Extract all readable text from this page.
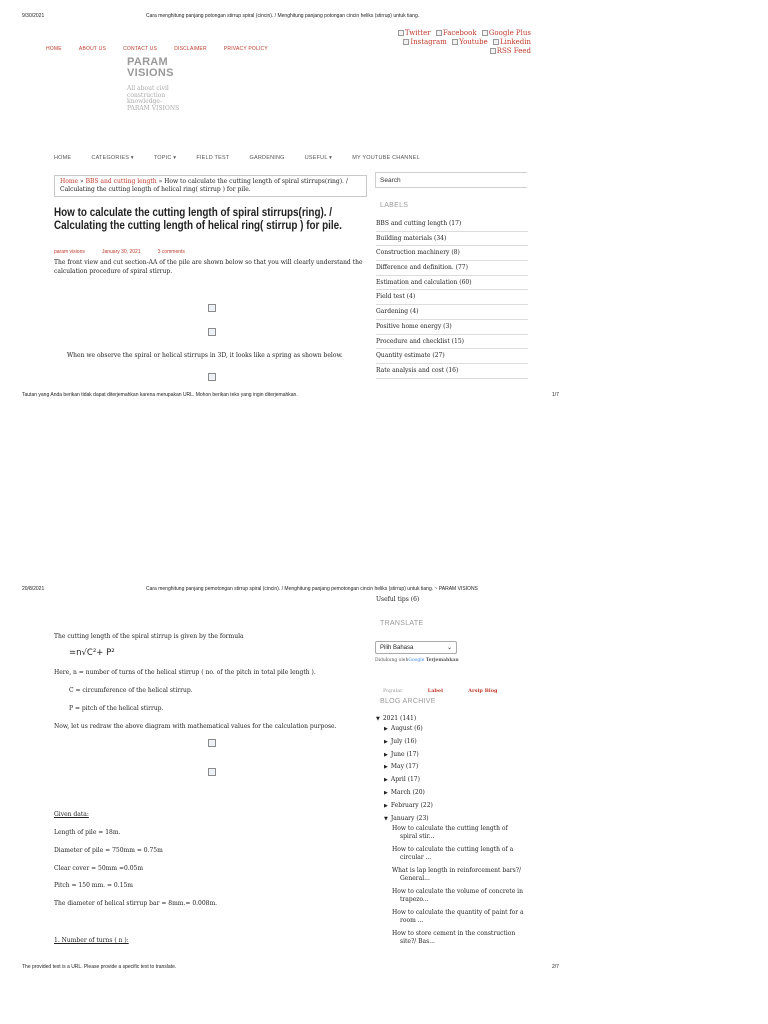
9/30/2021	Cara menghitung panjang potongan stirrup spiral (cincin). / Menghitung panjang potongan cincin heliks (stirrup) untuk tiang.
HOME	ABOUT US	CONTACT US	DISCLAIMER	PRIVACY POLICY
Twitter Facebook Google Plus
Instagram Youtube Linkedin
RSS Feed
PARAM
VISIONS
All about civil
construction
knowledge-
PARAM VISIONS
HOME	CATEGORIES ▾	TOPIC ▾	FIELD TEST	GARDENING	USEFUL ▾	MY YOUTUBE CHANNEL
Home » BBS and cutting length » How to calculate the cutting length of spiral stirrups(ring). / Calculating the cutting length of helical ring( stirrup ) for pile.
How to calculate the cutting length of spiral stirrups(ring). / Calculating the cutting length of helical ring( stirrup ) for pile.
param visions	January 30, 2021	3 comments
The front view and cut section-AA of the pile are shown below so that you will clearly understand the calculation procedure of spiral stirrup.
When we observe the spiral or helical stirrups in 3D, it looks like a spring as shown below.
Search
LABELS
BBS and cutting length (17)
Building materials (34)
Construction machinery (8)
Difference and definition. (77)
Estimation and calculation (60)
Field test (4)
Gardening (4)
Positive home energy (3)
Procedure and checklist (15)
Quantity estimate (27)
Rate analysis and cost (16)
Tautan yang Anda berikan tidak dapat diterjemahkan karena merupakan URL. Mohon berikan teks yang ingin diterjemahkan.	1/7
20/8/2021	Cara menghitung panjang pemotongan stirrup spiral (cincin). / Menghitung panjang pemotongan cincin heliks (stirrup) untuk tiang. ~ PARAM VISIONS
Useful tips (6)
The cutting length of the spiral stirrup is given by the formula
=n√C²+ P²
Here, n = number of turns of the helical stirrup ( no. of the pitch in total pile length ).
C = circumference of the helical stirrup.
P = pitch of the helical stirrup.
Now, let us redraw the above diagram with mathematical values for the calculation purpose.
Given data:
Length of pile = 18m.
Diameter of pile = 750mm = 0.75m
Clear cover = 50mm =0.05m
Pitch = 150 mm. = 0.15m
The diameter of helical stirrup bar = 8mm.= 0.008m.
1. Number of turns ( n ):
TRANSLATE
Pilih Bahasa	⌄
Didukung olehGoogle Terjemahkan
Popular	Label	Arsip Blog
BLOG ARCHIVE
▼ 2021 (141)
▶ August (6)
▶ July (16)
▶ June (17)
▶ May (17)
▶ April (17)
▶ March (20)
▶ February (22)
▼ January (23)
How to calculate the cutting length of
spiral stir...
How to calculate the cutting length of a
circular ...
What is lap length in reinforcement bars?/
General...
How to calculate the volume of concrete in
trapezo...
How to calculate the quantity of paint for a
room ...
How to store cement in the construction
site?/ Bas...
The provided text is a URL. Please provide a specific text to translate.	2/7
